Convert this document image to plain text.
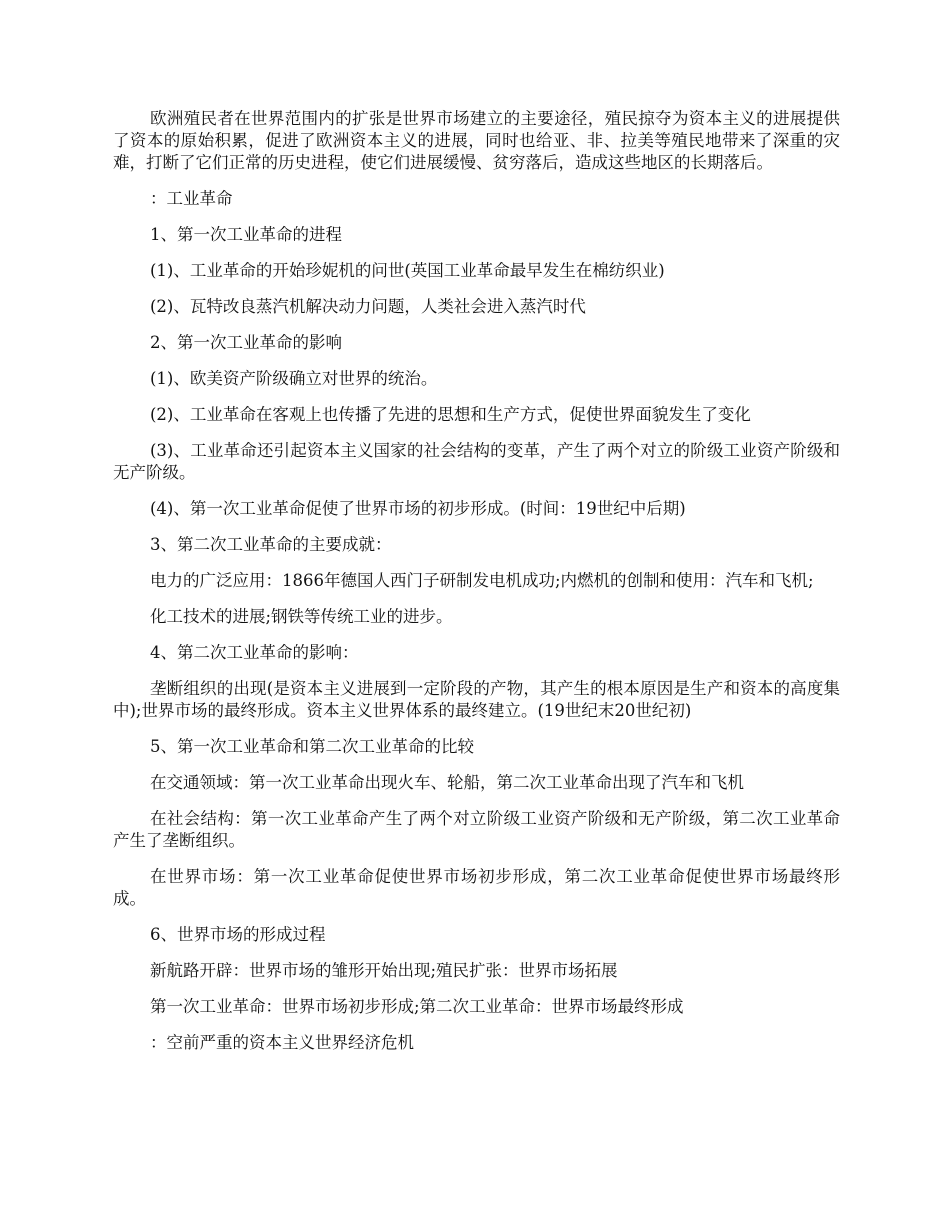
欧洲殖民者在世界范围内的扩张是世界市场建立的主要途径，殖民掠夺为资本主义的进展提供了资本的原始积累，促进了欧洲资本主义的进展，同时也给亚、非、拉美等殖民地带来了深重的灾难，打断了它们正常的历史进程，使它们进展缓慢、贫穷落后，造成这些地区的长期落后。

：工业革命

1、第一次工业革命的进程

(1)、工业革命的开始珍妮机的问世(英国工业革命最早发生在棉纺织业)

(2)、瓦特改良蒸汽机解决动力问题，人类社会进入蒸汽时代

2、第一次工业革命的影响

(1)、欧美资产阶级确立对世界的统治。

(2)、工业革命在客观上也传播了先进的思想和生产方式，促使世界面貌发生了变化

(3)、工业革命还引起资本主义国家的社会结构的变革，产生了两个对立的阶级工业资产阶级和无产阶级。

(4)、第一次工业革命促使了世界市场的初步形成。(时间：19世纪中后期)

3、第二次工业革命的主要成就：

电力的广泛应用：1866年德国人西门子研制发电机成功;内燃机的创制和使用：汽车和飞机;

化工技术的进展;钢铁等传统工业的进步。

4、第二次工业革命的影响：

垄断组织的出现(是资本主义进展到一定阶段的产物，其产生的根本原因是生产和资本的高度集中);世界市场的最终形成。资本主义世界体系的最终建立。(19世纪末20世纪初)

5、第一次工业革命和第二次工业革命的比较

在交通领域：第一次工业革命出现火车、轮船，第二次工业革命出现了汽车和飞机

在社会结构：第一次工业革命产生了两个对立阶级工业资产阶级和无产阶级，第二次工业革命产生了垄断组织。

在世界市场：第一次工业革命促使世界市场初步形成，第二次工业革命促使世界市场最终形成。

6、世界市场的形成过程

新航路开辟：世界市场的雏形开始出现;殖民扩张：世界市场拓展

第一次工业革命：世界市场初步形成;第二次工业革命：世界市场最终形成

：空前严重的资本主义世界经济危机
